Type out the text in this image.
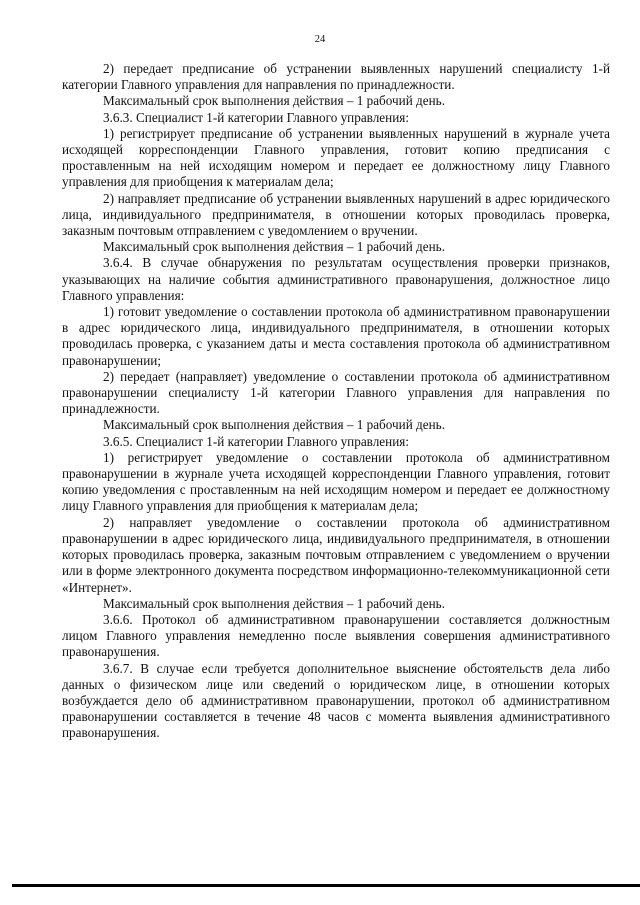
24

2) передает предписание об устранении выявленных нарушений специалисту 1-й категории Главного управления для направления по принадлежности.

Максимальный срок выполнения действия – 1 рабочий день.

3.6.3. Специалист 1-й категории Главного управления:

1) регистрирует предписание об устранении выявленных нарушений в журнале учета исходящей корреспонденции Главного управления, готовит копию предписания с проставленным на ней исходящим номером и передает ее должностному лицу Главного управления для приобщения к материалам дела;

2) направляет предписание об устранении выявленных нарушений в адрес юридического лица, индивидуального предпринимателя, в отношении которых проводилась проверка, заказным почтовым отправлением с уведомлением о вручении.

Максимальный срок выполнения действия – 1 рабочий день.

3.6.4. В случае обнаружения по результатам осуществления проверки признаков, указывающих на наличие события административного правонарушения, должностное лицо Главного управления:

1) готовит уведомление о составлении протокола об административном правонарушении в адрес юридического лица, индивидуального предпринимателя, в отношении которых проводилась проверка, с указанием даты и места составления протокола об административном правонарушении;

2) передает (направляет) уведомление о составлении протокола об административном правонарушении специалисту 1-й категории Главного управления для направления по принадлежности.

Максимальный срок выполнения действия – 1 рабочий день.

3.6.5. Специалист 1-й категории Главного управления:

1) регистрирует уведомление о составлении протокола об административном правонарушении в журнале учета исходящей корреспонденции Главного управления, готовит копию уведомления с проставленным на ней исходящим номером и передает ее должностному лицу Главного управления для приобщения к материалам дела;

2) направляет уведомление о составлении протокола об административном правонарушении в адрес юридического лица, индивидуального предпринимателя, в отношении которых проводилась проверка, заказным почтовым отправлением с уведомлением о вручении или в форме электронного документа посредством информационно-телекоммуникационной сети «Интернет».

Максимальный срок выполнения действия – 1 рабочий день.

3.6.6. Протокол об административном правонарушении составляется должностным лицом Главного управления немедленно после выявления совершения административного правонарушения.

3.6.7. В случае если требуется дополнительное выяснение обстоятельств дела либо данных о физическом лице или сведений о юридическом лице, в отношении которых возбуждается дело об административном правонарушении, протокол об административном правонарушении составляется в течение 48 часов с момента выявления административного правонарушения.
